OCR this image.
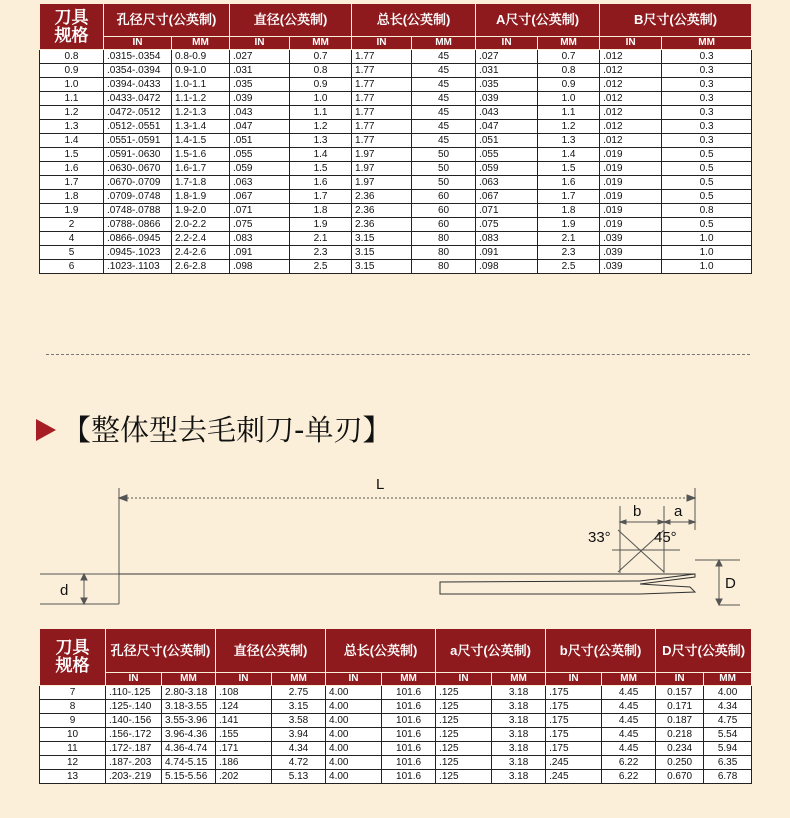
刀具
规格	孔径尺寸(公英制)		直径(公英制)		总长(公英制)		A尺寸(公英制)		B尺寸(公英制)	
	IN	MM	IN	MM	IN	MM	IN	MM	IN	MM
0.8	.0315-.0354	0.8-0.9	.027	0.7	1.77	45	.027	0.7	.012	0.3
0.9	.0354-.0394	0.9-1.0	.031	0.8	1.77	45	.031	0.8	.012	0.3
1.0	.0394-.0433	1.0-1.1	.035	0.9	1.77	45	.035	0.9	.012	0.3
1.1	.0433-.0472	1.1-1.2	.039	1.0	1.77	45	.039	1.0	.012	0.3
1.2	.0472-.0512	1.2-1.3	.043	1.1	1.77	45	.043	1.1	.012	0.3
1.3	.0512-.0551	1.3-1.4	.047	1.2	1.77	45	.047	1.2	.012	0.3
1.4	.0551-.0591	1.4-1.5	.051	1.3	1.77	45	.051	1.3	.012	0.3
1.5	.0591-.0630	1.5-1.6	.055	1.4	1.97	50	.055	1.4	.019	0.5
1.6	.0630-.0670	1.6-1.7	.059	1.5	1.97	50	.059	1.5	.019	0.5
1.7	.0670-.0709	1.7-1.8	.063	1.6	1.97	50	.063	1.6	.019	0.5
1.8	.0709-.0748	1.8-1.9	.067	1.7	2.36	60	.067	1.7	.019	0.5
1.9	.0748-.0788	1.9-2.0	.071	1.8	2.36	60	.071	1.8	.019	0.8
2	.0788-.0866	2.0-2.2	.075	1.9	2.36	60	.075	1.9	.019	0.5
4	.0866-.0945	2.2-2.4	.083	2.1	3.15	80	.083	2.1	.039	1.0
5	.0945-.1023	2.4-2.6	.091	2.3	3.15	80	.091	2.3	.039	1.0
6	.1023-.1103	2.6-2.8	.098	2.5	3.15	80	.098	2.5	.039	1.0
【整体型去毛刺刀-单刃】
L
b a
33°	45°
d	D
刀具
规格	孔径尺寸(公英制)		直径(公英制)		总长(公英制)		a尺寸(公英制)		b尺寸(公英制)		D尺寸(公英制)	
	IN	MM	IN	MM	IN	MM	IN	MM	IN	MM	IN	MM
7	.110-.125	2.80-3.18	.108	2.75	4.00	101.6	.125	3.18	.175	4.45	0.157	4.00
8	.125-.140	3.18-3.55	.124	3.15	4.00	101.6	.125	3.18	.175	4.45	0.171	4.34
9	.140-.156	3.55-3.96	.141	3.58	4.00	101.6	.125	3.18	.175	4.45	0.187	4.75
10	.156-.172	3.96-4.36	.155	3.94	4.00	101.6	.125	3.18	.175	4.45	0.218	5.54
11	.172-.187	4.36-4.74	.171	4.34	4.00	101.6	.125	3.18	.175	4.45	0.234	5.94
12	.187-.203	4.74-5.15	.186	4.72	4.00	101.6	.125	3.18	.245	6.22	0.250	6.35
13	.203-.219	5.15-5.56	.202	5.13	4.00	101.6	.125	3.18	.245	6.22	0.670	6.78
